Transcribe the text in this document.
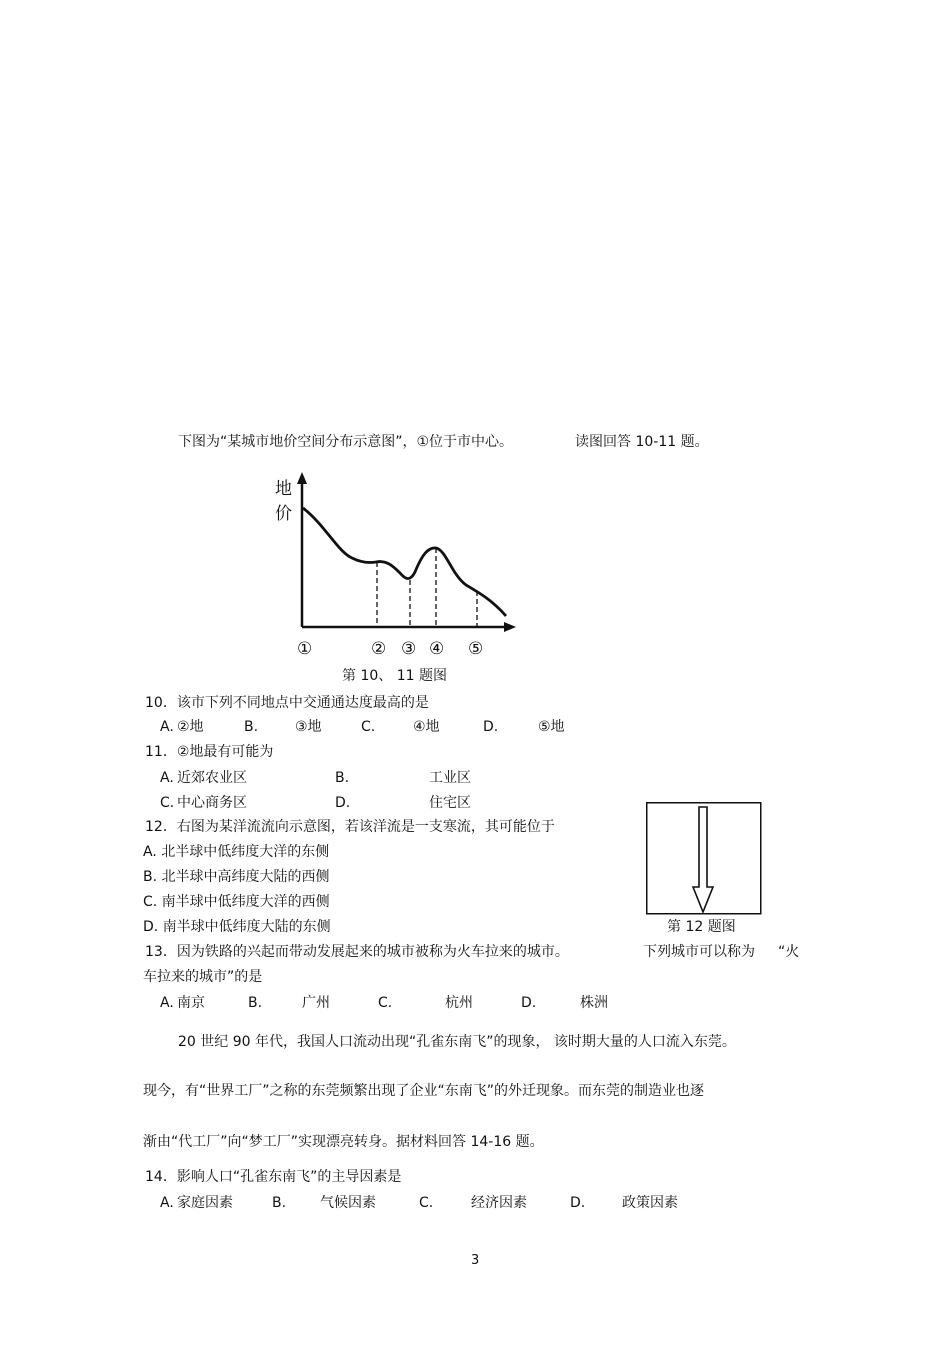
下图为“某城市地价空间分布示意图”，①位于市中心。	读图回答 10-11 题。
地
价
①	② ③ ④ ⑤
第 10、 11 题图
10．该市下列不同地点中交通通达度最高的是
A. ②地	B.	③地	C.	④地	D.	⑤地
11．②地最有可能为
A. 近郊农业区	B.	工业区
C. 中心商务区	D.	住宅区
12．右图为某洋流流向示意图，若该洋流是一支寒流，其可能位于
A. 北半球中低纬度大洋的东侧
B. 北半球中高纬度大陆的西侧
C. 南半球中低纬度大洋的西侧
D. 南半球中低纬度大陆的东侧	第 12 题图
13．因为铁路的兴起而带动发展起来的城市被称为火车拉来的城市。	下列城市可以称为 “火
车拉来的城市”的是
A. 南京	B.	广州	C.	杭州	D.	株洲
20 世纪 90 年代，我国人口流动出现“孔雀东南飞”的现象， 该时期大量的人口流入东莞。
现今，有“世界工厂”之称的东莞频繁出现了企业“东南飞”的外迁现象。而东莞的制造业也逐
渐由“代工厂”向“梦工厂”实现漂亮转身。据材料回答 14-16 题。
14．影响人口“孔雀东南飞”的主导因素是
A. 家庭因素	B. 气候因素	C.	经济因素	D.	政策因素
3
